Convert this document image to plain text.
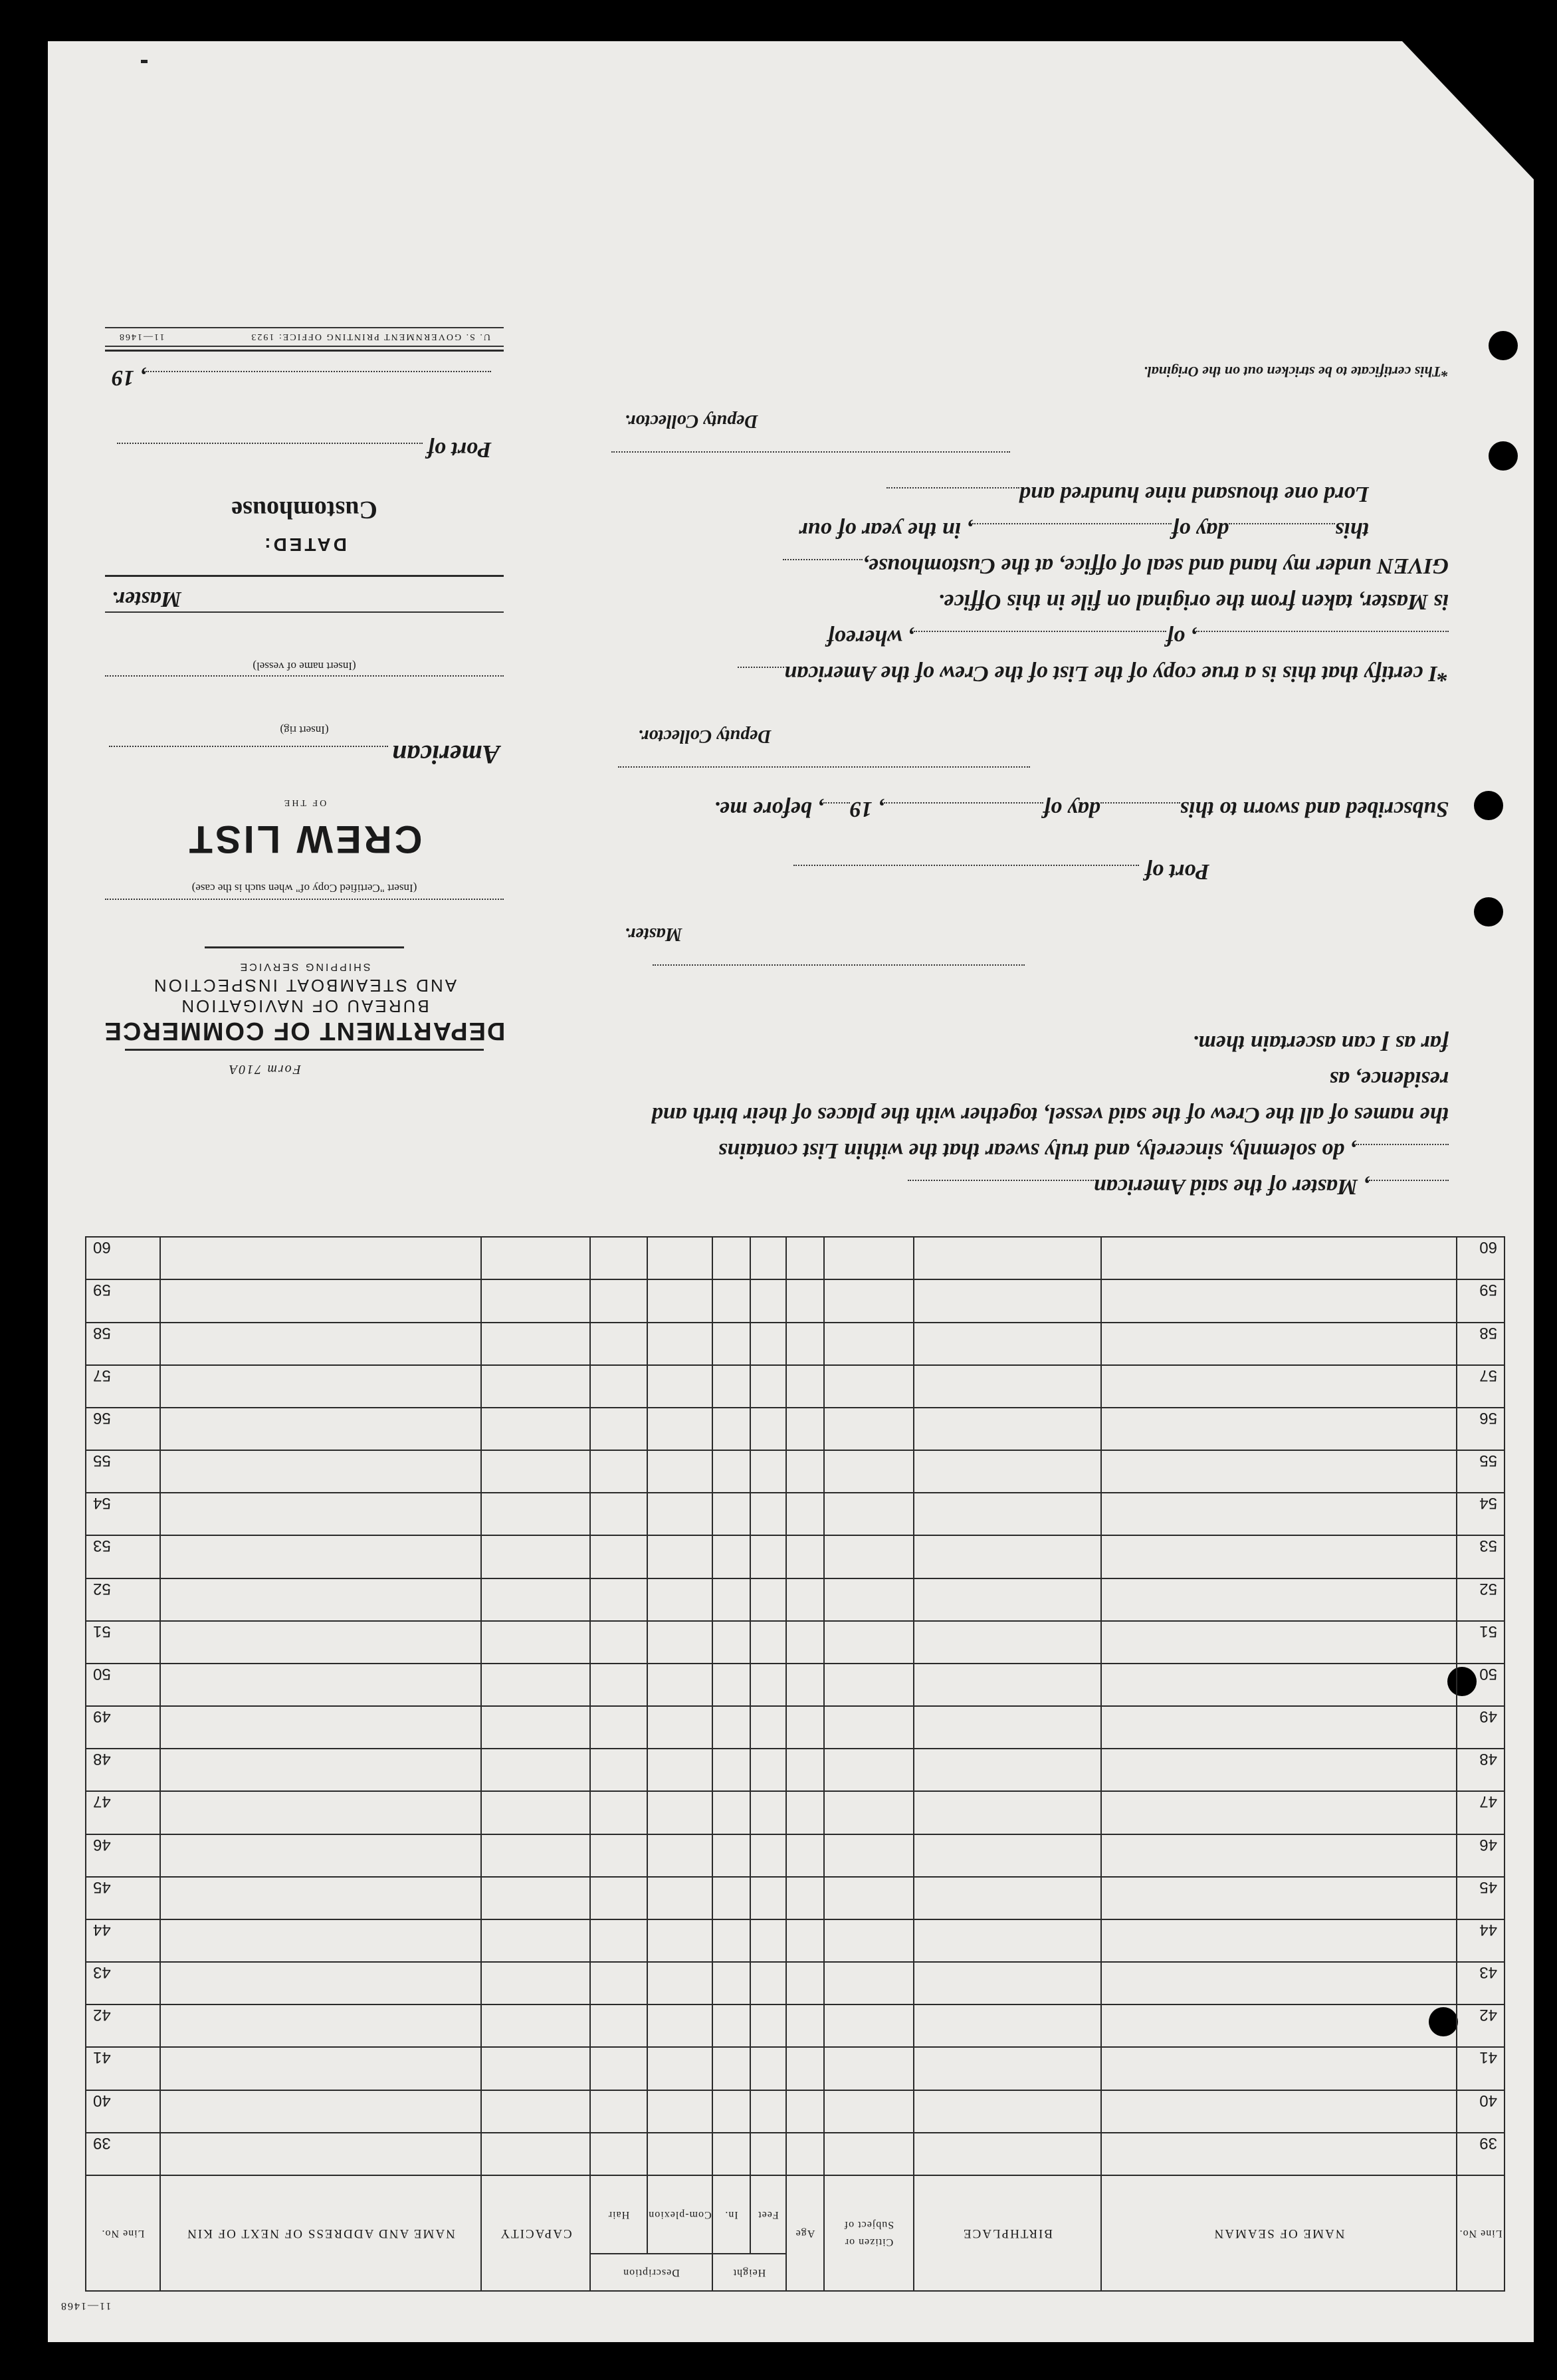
, Master of the said American

, do solemnly, sincerely, and truly swear that the within List contains

the names of all the Crew of the said vessel, together with the places of their birth and residence, as

far as I can ascertain them.

Master.

Port of

Subscribed and sworn to thisday of, 19, before me.

Deputy Collector.

*I certify that this is a true copy of the List of the Crew of the American

, of, whereof

is Master, taken from the original on file in this Office.

GIVEN under my hand and seal of office, at the Customhouse,

thisday of, in the year of our

Lord one thousand nine hundred and

Deputy Collector.

*This certificate to be stricken out on the Original.

Form 710A
DEPARTMENT OF COMMERCE
BUREAU OF NAVIGATION
AND STEAMBOAT INSPECTION
SHIPPING SERVICE
(Insert "Certified Copy of" when such is the case)
CREW LIST
OF THE
American
(Insert rig)
(Insert name of vessel)
Master.
DATED:
Customhouse
Port of
, 19
U. S. GOVERNMENT PRINTING OFFICE: 1923
11—1468
Line No.	NAME OF SEAMAN	BIRTHPLACE	Citizen or Subject of	Age	Height		Description		CAPACITY	NAME AND ADDRESS OF NEXT OF KIN	Line No.
					Feet	In.	Com-plexion	Hair			
39											39
40											40
41											41
42											42
43											43
44											44
45											45
46											46
47											47
48											48
49											49
50											50
51											51
52											52
53											53
54											54
55											55
56											56
57											57
58											58
59											59
60											60
11—1468
